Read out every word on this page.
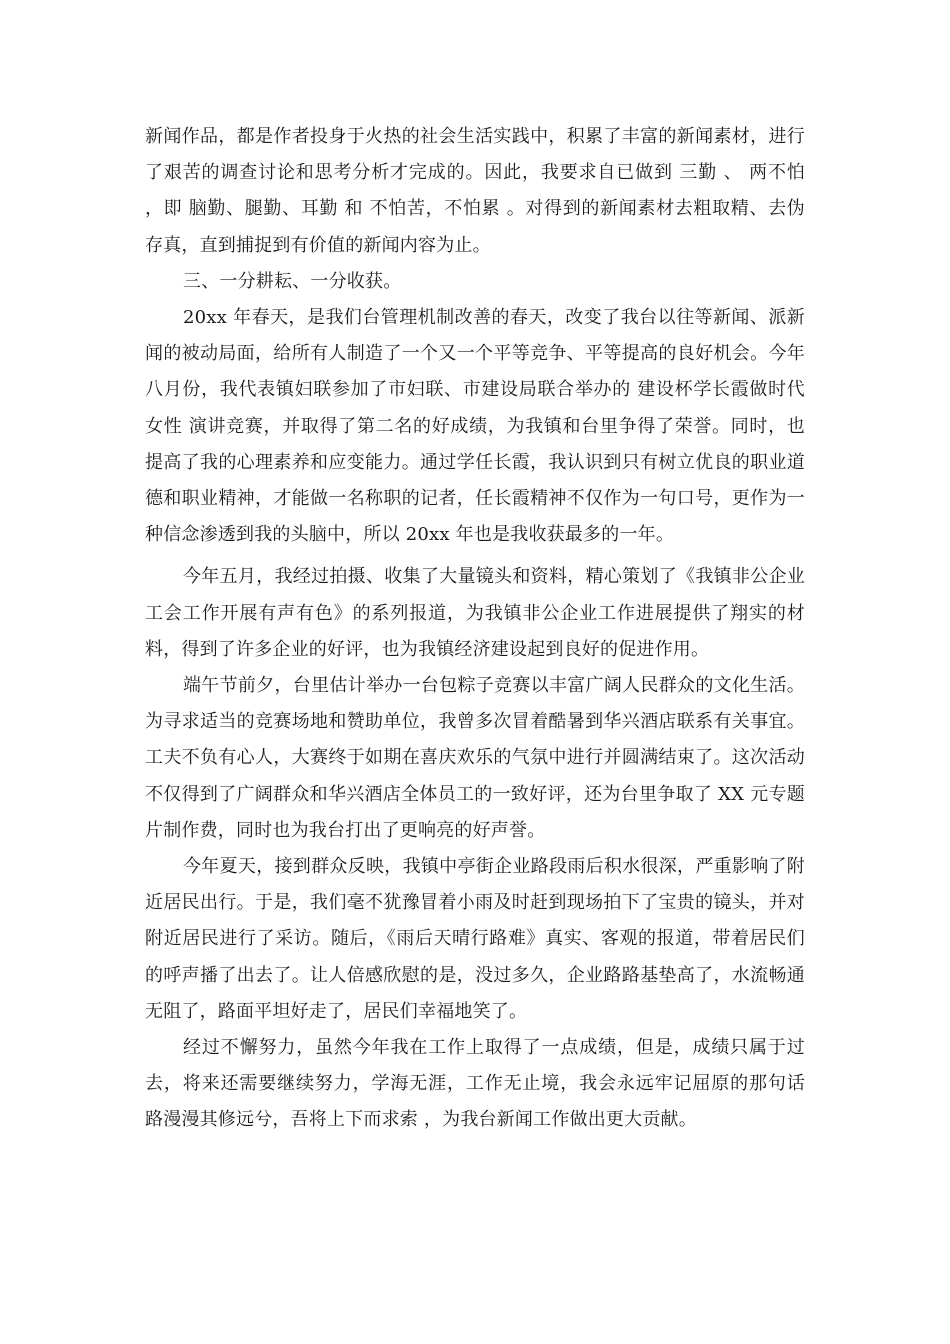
新闻作品，都是作者投身于火热的社会生活实践中，积累了丰富的新闻素材，进行了艰苦的调查讨论和思考分析才完成的。因此，我要求自已做到 三勤 、 两不怕 ，即 脑勤、腿勤、耳勤 和 不怕苦，不怕累 。对得到的新闻素材去粗取精、去伪存真，直到捕捉到有价值的新闻内容为止。

三、一分耕耘、一分收获。

20xx 年春天，是我们台管理机制改善的春天，改变了我台以往等新闻、派新闻的被动局面，给所有人制造了一个又一个平等竞争、平等提高的良好机会。今年八月份，我代表镇妇联参加了市妇联、市建设局联合举办的 建设杯学长霞做时代女性 演讲竞赛，并取得了第二名的好成绩，为我镇和台里争得了荣誉。同时，也提高了我的心理素养和应变能力。通过学任长霞，我认识到只有树立优良的职业道德和职业精神，才能做一名称职的记者，任长霞精神不仅作为一句口号，更作为一种信念渗透到我的头脑中，所以 20xx 年也是我收获最多的一年。

今年五月，我经过拍摄、收集了大量镜头和资料，精心策划了《我镇非公企业工会工作开展有声有色》的系列报道，为我镇非公企业工作进展提供了翔实的材料，得到了许多企业的好评，也为我镇经济建设起到良好的促进作用。

端午节前夕，台里估计举办一台包粽子竞赛以丰富广阔人民群众的文化生活。为寻求适当的竞赛场地和赞助单位，我曾多次冒着酷暑到华兴酒店联系有关事宜。工夫不负有心人，大赛终于如期在喜庆欢乐的气氛中进行并圆满结束了。这次活动不仅得到了广阔群众和华兴酒店全体员工的一致好评，还为台里争取了 XX 元专题片制作费，同时也为我台打出了更响亮的好声誉。

今年夏天，接到群众反映，我镇中亭街企业路段雨后积水很深，严重影响了附近居民出行。于是，我们毫不犹豫冒着小雨及时赶到现场拍下了宝贵的镜头，并对附近居民进行了采访。随后，《雨后天晴行路难》真实、客观的报道，带着居民们的呼声播了出去了。让人倍感欣慰的是，没过多久，企业路路基垫高了，水流畅通无阻了，路面平坦好走了，居民们幸福地笑了。

经过不懈努力，虽然今年我在工作上取得了一点成绩，但是，成绩只属于过去，将来还需要继续努力，学海无涯，工作无止境，我会永远牢记屈原的那句话 路漫漫其修远兮，吾将上下而求索 ，为我台新闻工作做出更大贡献。
